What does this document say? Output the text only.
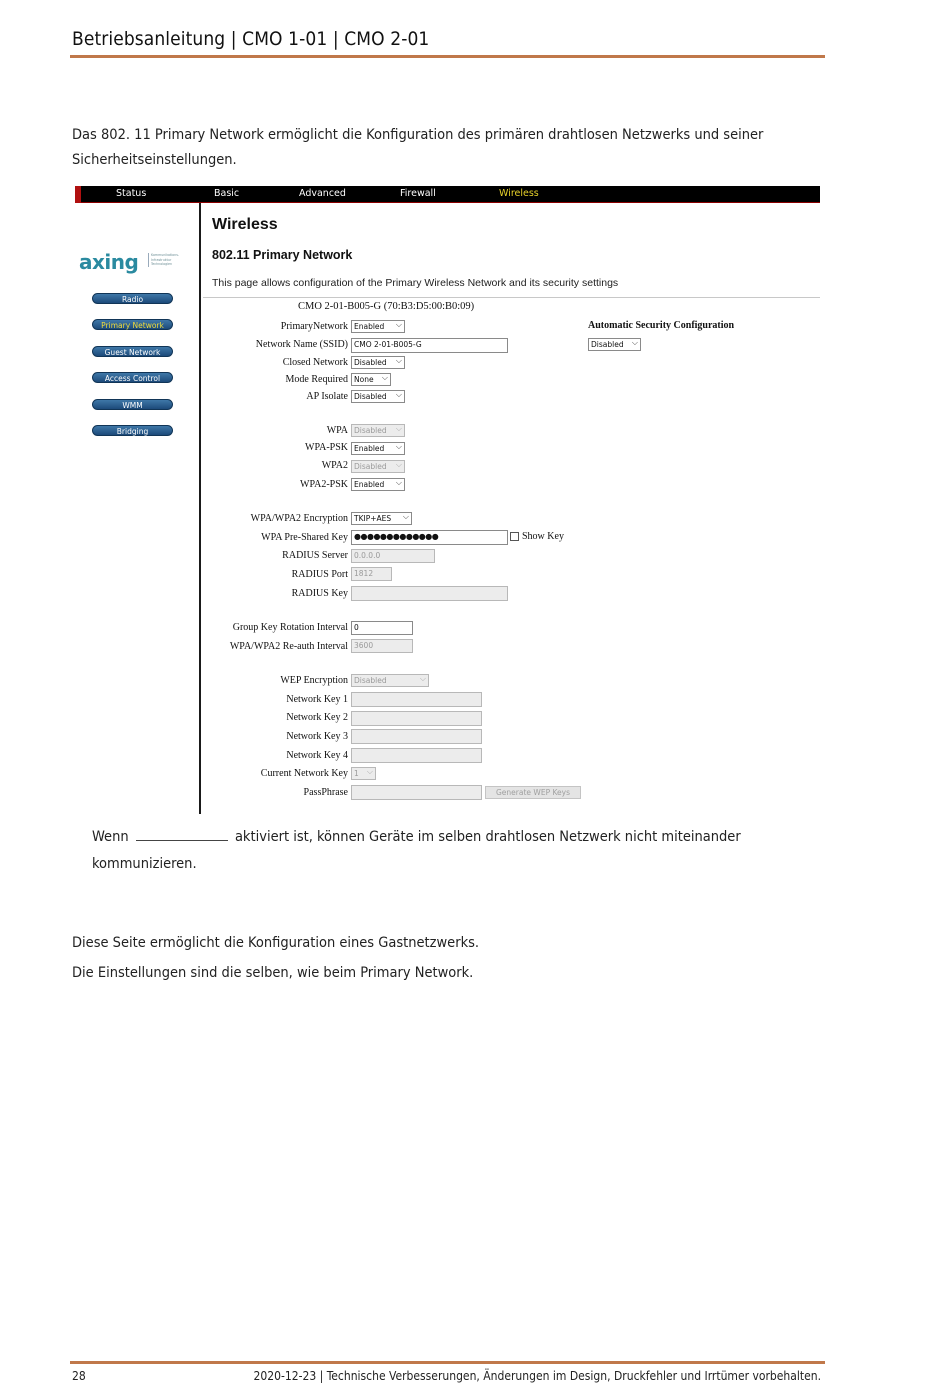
Betriebsanleitung | CMO 1-01 | CMO 2-01

Das 802. 11 Primary Network ermöglicht die Konfiguration des primären drahtlosen Netzwerks und seiner Sicherheitseinstellungen.

Status	Basic	Advanced	Firewall	Wireless
axing	Kommunikations-Infrastruktur Technologien
Radio
Primary Network
Guest Network
Access Control
WMM
Bridging
Wireless
802.11 Primary Network
This page allows configuration of the Primary Wireless Network and its security settings
CMO 2-01-B005-G (70:B3:D5:00:B0:09)
Automatic Security Configuration
Disabled ⌵
PrimaryNetwork Enabled ⌵
Network Name (SSID) CMO 2-01-B005-G
Closed Network Disabled ⌵
Mode Required None ⌵
AP Isolate Disabled ⌵
WPA Disabled ⌵
WPA-PSK Enabled ⌵
WPA2 Disabled ⌵
WPA2-PSK Enabled ⌵
WPA/WPA2 Encryption TKIP+AES ⌵
WPA Pre-Shared Key ●●●●●●●●●●●●●	Show Key
RADIUS Server 0.0.0.0
RADIUS Port 1812
RADIUS Key
Group Key Rotation Interval 0
WPA/WPA2 Re-auth Interval 3600
WEP Encryption Disabled ⌵
Network Key 1
Network Key 2
Network Key 3
Network Key 4
Current Network Key 1 ⌵
PassPhrase	Generate WEP Keys

Wenn	aktiviert ist, können Geräte im selben drahtlosen Netzwerk nicht miteinander kommunizieren.

Diese Seite ermöglicht die Konfiguration eines Gastnetzwerks.

Die Einstellungen sind die selben, wie beim Primary Network.

28	2020-12-23 | Technische Verbesserungen, Änderungen im Design, Druckfehler und Irrtümer vorbehalten.
